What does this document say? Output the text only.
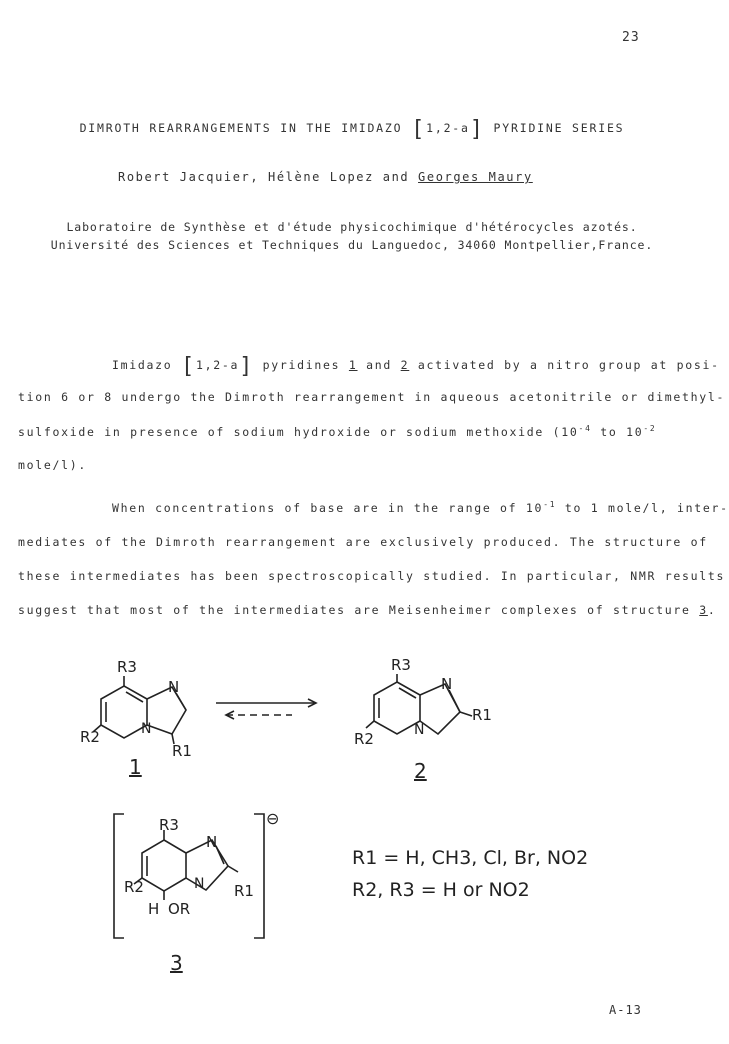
23
DIMROTH REARRANGEMENTS IN THE IMIDAZO [1,2-a] PYRIDINE SERIES
Robert Jacquier, Hélène Lopez and Georges Maury
Laboratoire de Synthèse et d'étude physicochimique d'hétérocycles azotés.
Université des Sciences et Techniques du Languedoc, 34060 Montpellier,France.
Imidazo [1,2-a] pyridines 1 and 2 activated by a nitro group at posi-
tion 6 or 8 undergo the Dimroth rearrangement in aqueous acetonitrile or dimethyl-
sulfoxide in presence of sodium hydroxide or sodium methoxide ($10^{-4}$ to $10^{-2}$
mole/l).
When concentrations of base are in the range of $10^{-1}$ to 1 mole/l, inter-
mediates of the Dimroth rearrangement are exclusively produced. The structure of
these intermediates has been spectroscopically studied. In particular, NMR results
suggest that most of the intermediates are Meisenheimer complexes of structure 3.
R3
R2
R1
N
N
1
R3
R2
R1
N
N
2
R3
R2	R1
N
N
H OR
⊖
3
R1 = H, CH3, Cl, Br, NO2
R2, R3 = H or NO2
A-13
